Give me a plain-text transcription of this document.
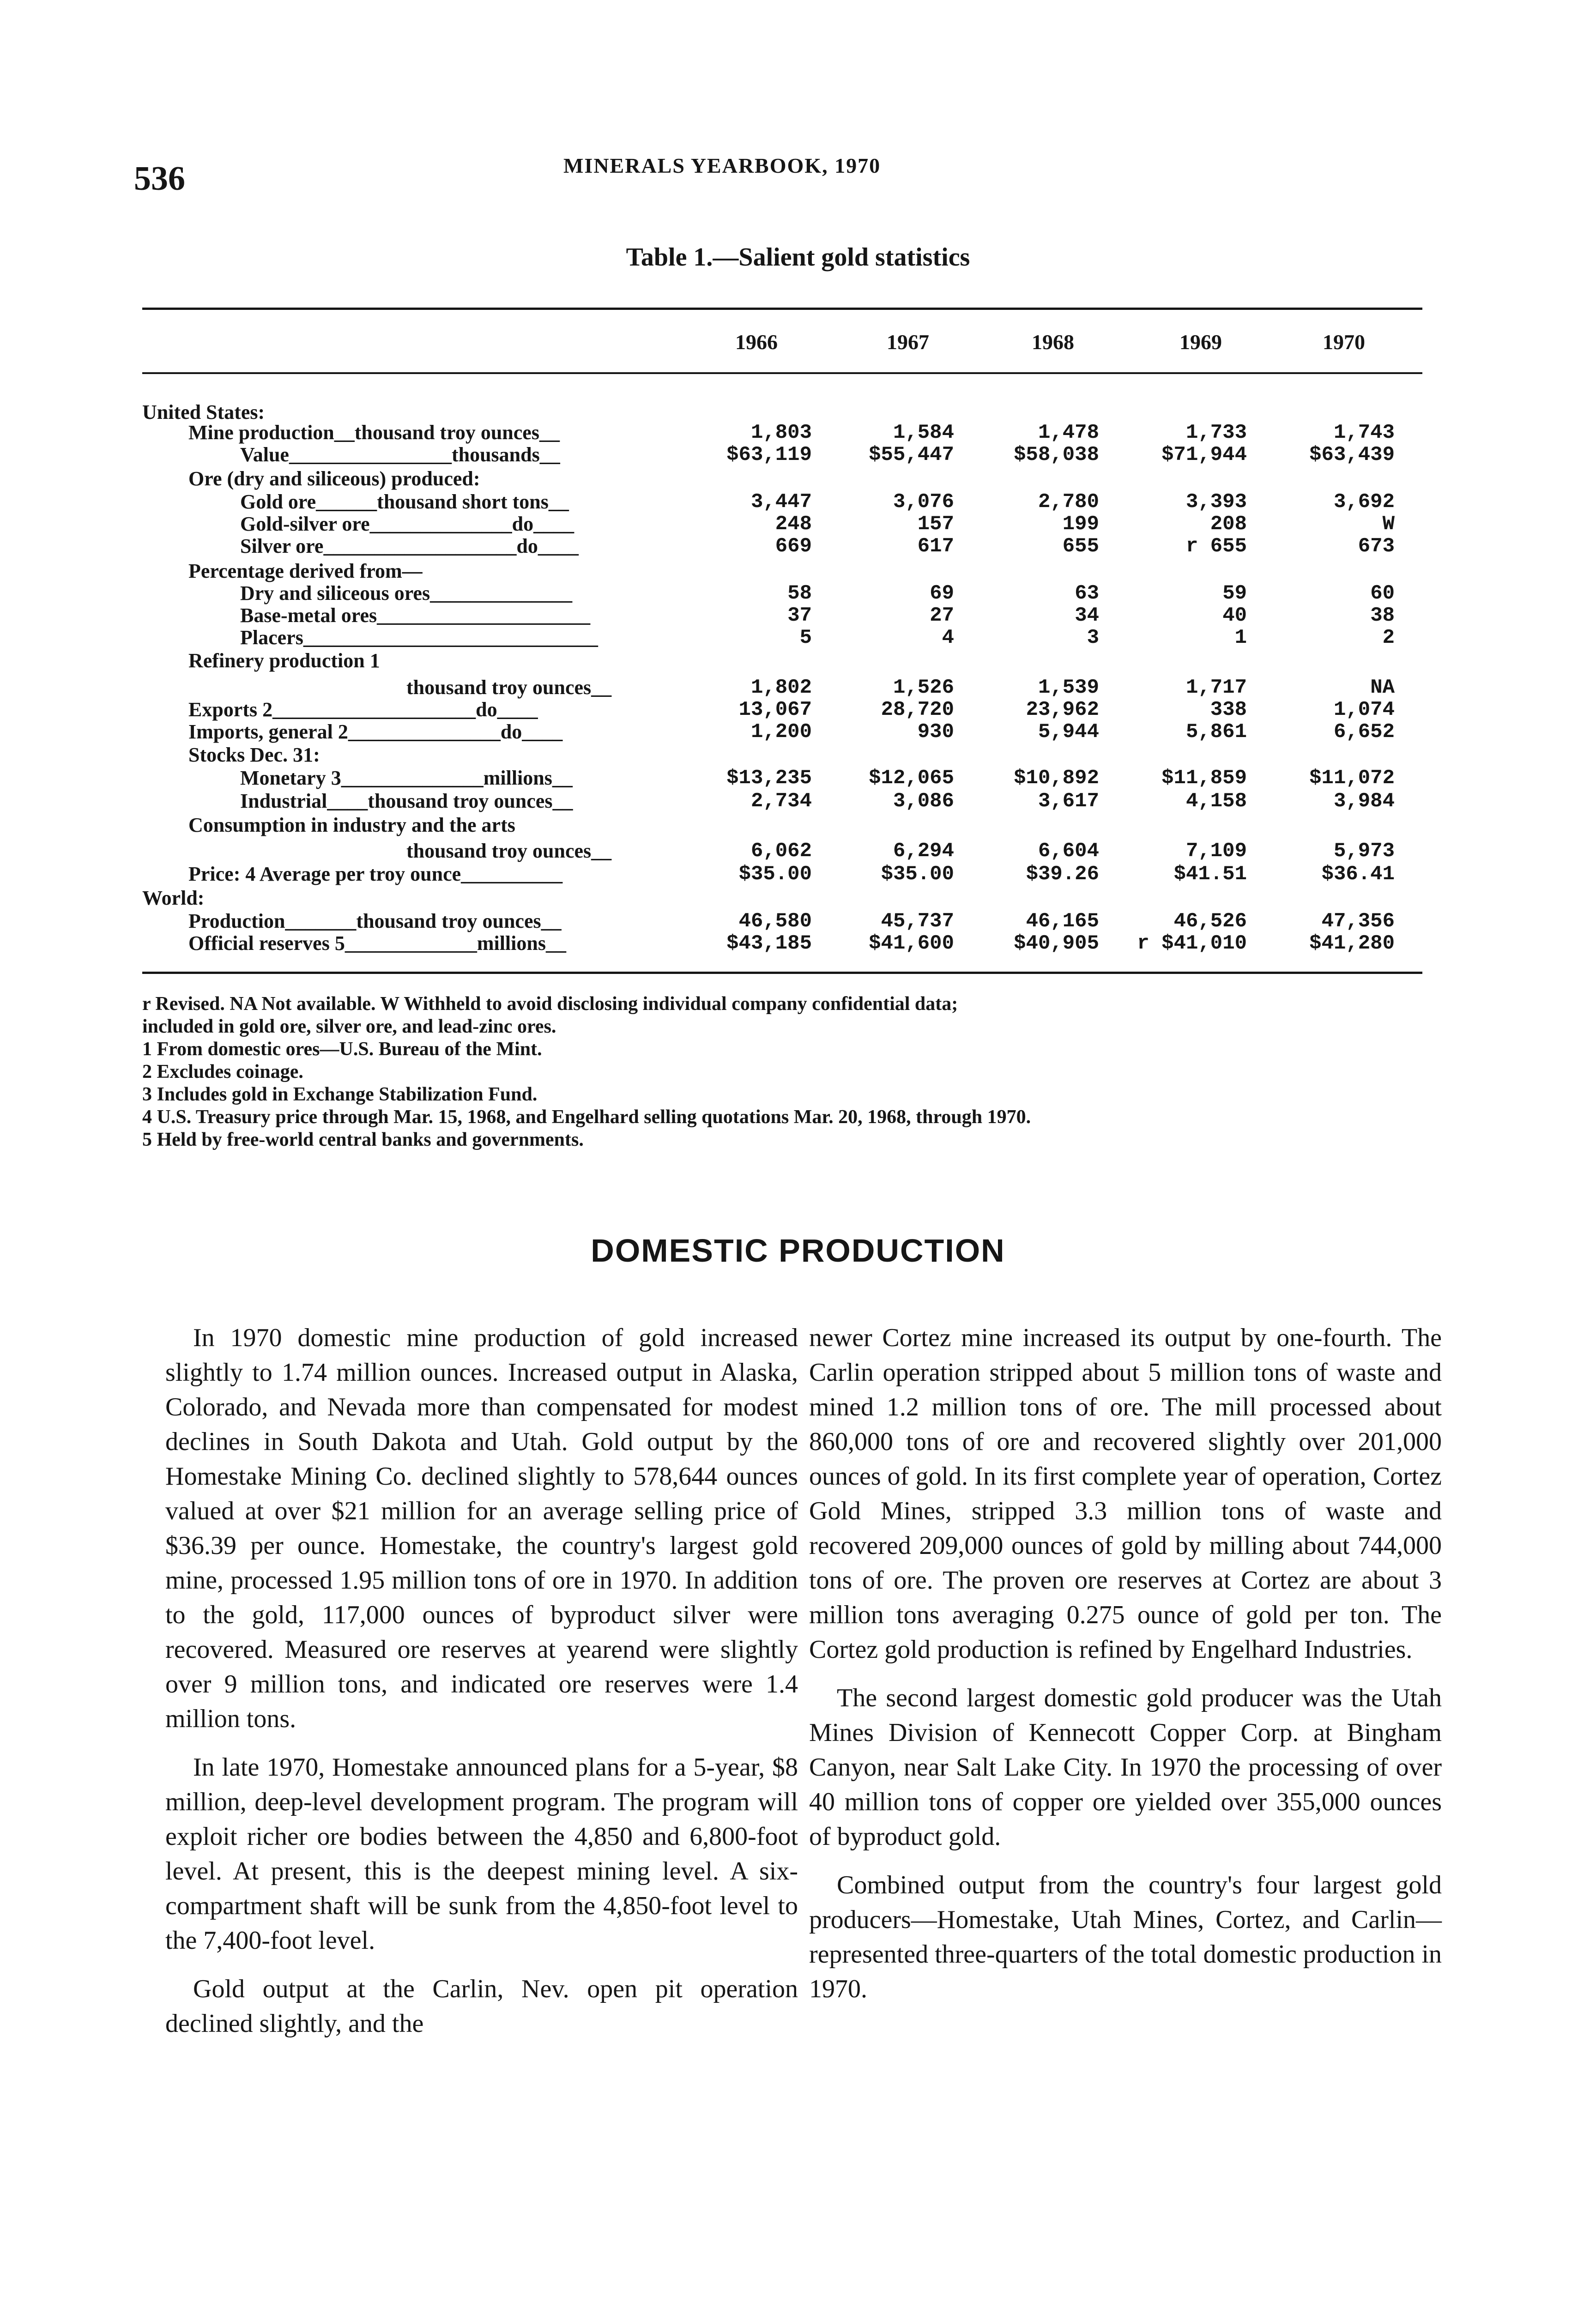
536	MINERALS YEARBOOK, 1970
Table 1.—Salient gold statistics
1966	1967	1968	1969	1970
United States:
Mine production__thousand troy ounces__	1,803	1,584	1,478	1,733	1,743
Value________________thousands__	$63,119	$55,447	$58,038	$71,944	$63,439
Ore (dry and siliceous) produced:
Gold ore______thousand short tons__	3,447	3,076	2,780	3,393	3,692
Gold-silver ore______________do____	248	157	199	208	W
Silver ore___________________do____	669	617	655	r 655	673
Percentage derived from—
Dry and siliceous ores______________	58	69	63	59	60
Base-metal ores_____________________	37	27	34	40	38
Placers_____________________________	5	4	3	1	2
Refinery production 1
thousand troy ounces__	1,802	1,526	1,539	1,717	NA
Exports 2____________________do____	13,067	28,720	23,962	338	1,074
Imports, general 2_______________do____	1,200	930	5,944	5,861	6,652
Stocks Dec. 31:
Monetary 3______________millions__	$13,235	$12,065	$10,892	$11,859	$11,072
Industrial____thousand troy ounces__	2,734	3,086	3,617	4,158	3,984
Consumption in industry and the arts
thousand troy ounces__	6,062	6,294	6,604	7,109	5,973
Price: 4 Average per troy ounce__________	$35.00	$35.00	$39.26	$41.51	$36.41
World:
Production_______thousand troy ounces__	46,580	45,737	46,165	46,526	47,356
Official reserves 5_____________millions__	$43,185	$41,600	$40,905	r $41,010	$41,280
r Revised. NA Not available. W Withheld to avoid disclosing individual company confidential data;
included in gold ore, silver ore, and lead-zinc ores.
1 From domestic ores—U.S. Bureau of the Mint.
2 Excludes coinage.
3 Includes gold in Exchange Stabilization Fund.
4 U.S. Treasury price through Mar. 15, 1968, and Engelhard selling quotations Mar. 20, 1968, through 1970.
5 Held by free-world central banks and governments.
DOMESTIC PRODUCTION

In 1970 domestic mine production of gold increased slightly to 1.74 million ounces. Increased output in Alaska, Colorado, and Nevada more than compensated for modest declines in South Dakota and Utah. Gold output by the Homestake Mining Co. declined slightly to 578,644 ounces valued at over $21 million for an average selling price of $36.39 per ounce. Homestake, the country's largest gold mine, processed 1.95 million tons of ore in 1970. In addition to the gold, 117,000 ounces of byproduct silver were recovered. Measured ore reserves at yearend were slightly over 9 million tons, and indicated ore reserves were 1.4 million tons.

In late 1970, Homestake announced plans for a 5-year, $8 million, deep-level development program. The program will exploit richer ore bodies between the 4,850 and 6,800-foot level. At present, this is the deepest mining level. A six-compartment shaft will be sunk from the 4,850-foot level to the 7,400-foot level.

Gold output at the Carlin, Nev. open pit operation declined slightly, and the

newer Cortez mine increased its output by one-fourth. The Carlin operation stripped about 5 million tons of waste and mined 1.2 million tons of ore. The mill processed about 860,000 tons of ore and recovered slightly over 201,000 ounces of gold. In its first complete year of operation, Cortez Gold Mines, stripped 3.3 million tons of waste and recovered 209,000 ounces of gold by milling about 744,000 tons of ore. The proven ore reserves at Cortez are about 3 million tons averaging 0.275 ounce of gold per ton. The Cortez gold production is refined by Engelhard Industries.

The second largest domestic gold producer was the Utah Mines Division of Kennecott Copper Corp. at Bingham Canyon, near Salt Lake City. In 1970 the processing of over 40 million tons of copper ore yielded over 355,000 ounces of byproduct gold.

Combined output from the country's four largest gold producers—Homestake, Utah Mines, Cortez, and Carlin—represented three-quarters of the total domestic production in 1970.
